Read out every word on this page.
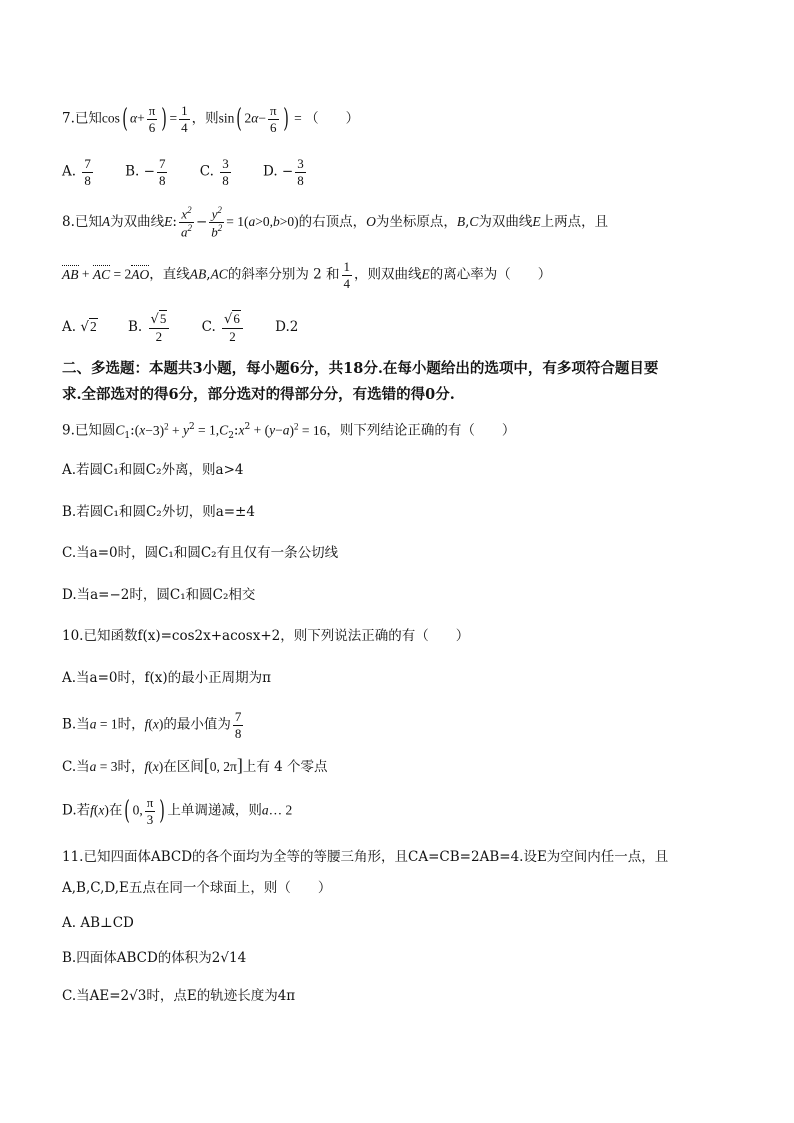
7.已知cos( $\alpha+ \frac{\pi}{6}$ ) = $\frac{1}{4}$ ，则sin( $2\alpha- \frac{\pi}{6}$ ) = （　　）
A. $\frac{7}{8} B$. − $\frac{7}{8} C$. $\frac{3}{8} D$. − $\frac{3}{8}$
8.已知A为双曲线E: $\frac{x^2}{a^2} - \frac{y^2}{b^2} = 1(a>0,b>0)$的右顶点，O为坐标原点，B,C为双曲线E上两点，且
AB + AC = 2AO，直线AB,AC的斜率分别为 2 和 $\frac{1}{4}$ ，则双曲线E的离心率为（　　）
A. √2 B. $\frac{√5}{2} C$. $\frac{√6}{2} D.2$
二、多选题：本题共3小题，每小题6分，共18分.在每小题给出的选项中，有多项符合题目要
求.全部选对的得6分，部分选对的得部分分，有选错的得0分.
9.已知圆$C_1:(x-3)^2 + y^2$ = $1,C_2:x^2 + (y-a)^2 = 16$，则下列结论正确的有（　　）
A.若圆C₁和圆C₂外离，则a>4
B.若圆C₁和圆C₂外切，则a=±4
C.当a=0时，圆C₁和圆C₂有且仅有一条公切线
D.当a=−2时，圆C₁和圆C₂相交
10.已知函数f(x)=cos2x+acosx+2，则下列说法正确的有（　　）
A.当a=0时，f(x)的最小正周期为π
B.当a = 1时，f(x)的最小值为 $\frac{7}{8}$
C.当a = 3时，f(x)在区间[0, 2π]上有 4 个零点
D.若f(x)在( 0, $\frac{\pi}{3}$ ) 上单调递减，则a… 2
11.已知四面体ABCD的各个面均为全等的等腰三角形，且CA=CB=2AB=4.设E为空间内任一点，且
A,B,C,D,E五点在同一个球面上，则（　　）
A. AB⊥CD
B.四面体ABCD的体积为2√14
C.当AE=2√3时，点E的轨迹长度为4π
